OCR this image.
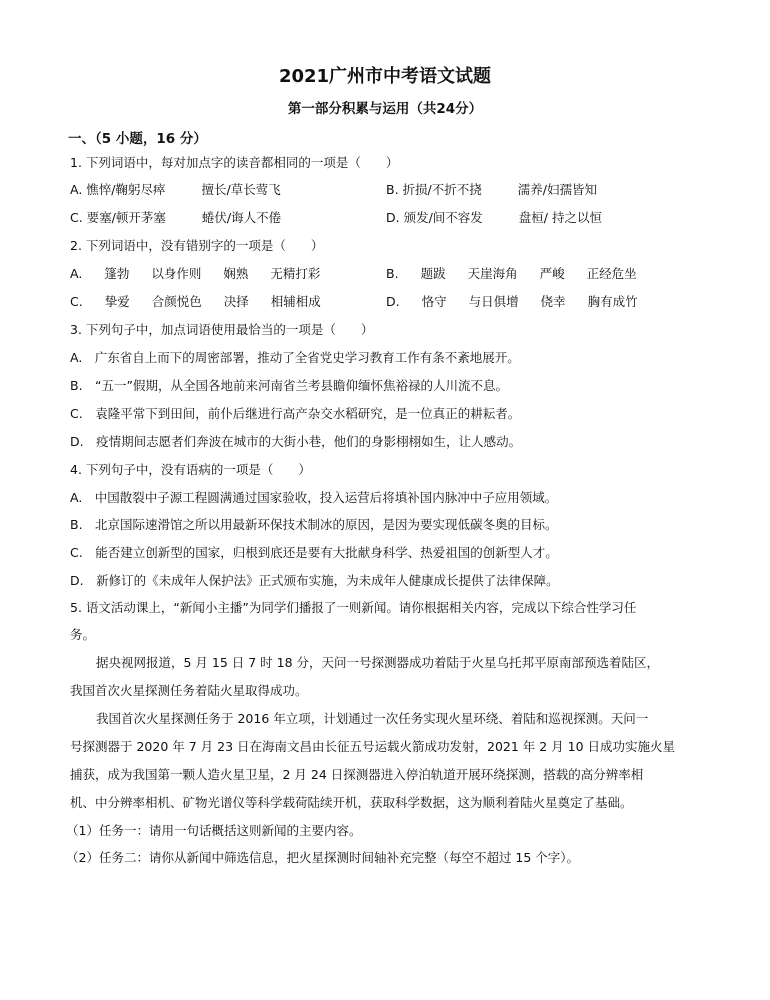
2021广州市中考语文试题
第一部分积累与运用（共24分）
一、（5 小题，16 分）
1. 下列词语中，每对加点字的读音都相同的一项是（　　）
A. 憔悴/鞠躬尽瘁	擅长/草长莺飞	B. 折损/不折不挠	濡养/妇孺皆知
C. 要塞/顿开茅塞	蜷伏/诲人不倦	D. 颁发/间不容发	盘桓/ 持之以恒
2. 下列词语中，没有错别字的一项是（　　）
A. 篷勃 以身作则 娴熟 无精打彩	B. 题跋 天崖海角 严峻 正经危坐
C. 挚爱 合颜悦色 决择 相辅相成	D. 恪守 与日俱增 侥幸 胸有成竹
3. 下列句子中，加点词语使用最恰当的一项是（　　）
A.　广东省自上而下的周密部署，推动了全省党史学习教育工作有条不紊地展开。
B.　“五一”假期，从全国各地前来河南省兰考县瞻仰缅怀焦裕禄的人川流不息。
C.　袁隆平常下到田间，前仆后继进行高产杂交水稻研究，是一位真正的耕耘者。
D.　疫情期间志愿者们奔波在城市的大街小巷，他们的身影栩栩如生，让人感动。
4. 下列句子中，没有语病的一项是（　　）
A.　中国散裂中子源工程圆满通过国家验收，投入运营后将填补国内脉冲中子应用领域。
B.　北京国际速滑馆之所以用最新环保技术制冰的原因，是因为要实现低碳冬奥的目标。
C.　能否建立创新型的国家，归根到底还是要有大批献身科学、热爱祖国的创新型人才。
D.　新修订的《未成年人保护法》正式颁布实施，为未成年人健康成长提供了法律保障。
5. 语文活动课上，“新闻小主播”为同学们播报了一则新闻。请你根据相关内容，完成以下综合性学习任
务。
据央视网报道，5 月 15 日 7 时 18 分，天问一号探测器成功着陆于火星乌托邦平原南部预选着陆区，
我国首次火星探测任务着陆火星取得成功。
我国首次火星探测任务于 2016 年立项，计划通过一次任务实现火星环绕、着陆和巡视探测。天问一
号探测器于 2020 年 7 月 23 日在海南文昌由长征五号运载火箭成功发射，2021 年 2 月 10 日成功实施火星
捕获，成为我国第一颗人造火星卫星，2 月 24 日探测器进入停泊轨道开展环绕探测，搭载的高分辨率相
机、中分辨率相机、矿物光谱仪等科学载荷陆续开机，获取科学数据，这为顺利着陆火星奠定了基础。
（1）任务一：请用一句话概括这则新闻的主要内容。
（2）任务二：请你从新闻中筛选信息，把火星探测时间轴补充完整（每空不超过 15 个字）。
